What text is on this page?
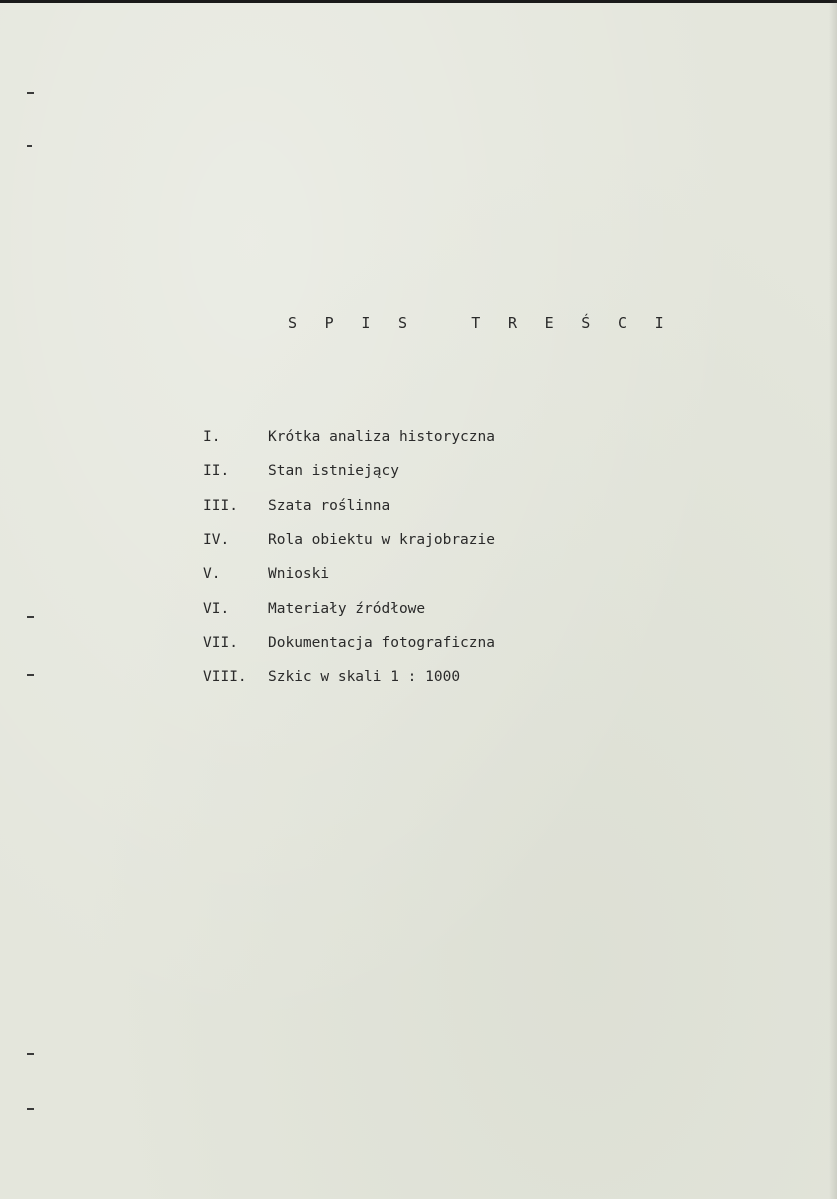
S P I S   T R E Ś C I
I.	Krótka analiza historyczna
II.	Stan istniejący
III.	Szata roślinna
IV.	Rola obiektu w krajobrazie
V.	Wnioski
VI.	Materiały źródłowe
VII.	Dokumentacja fotograficzna
VIII.	Szkic w skali 1 : 1000
